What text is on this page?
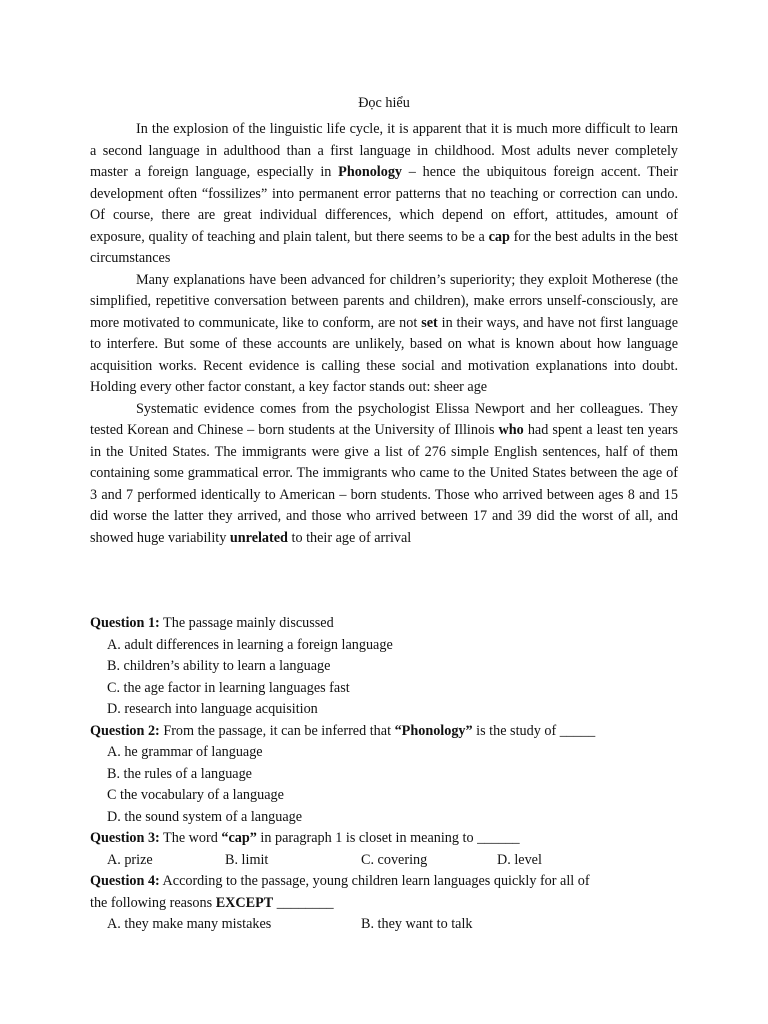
Đọc hiểu

In the explosion of the linguistic life cycle, it is apparent that it is much more difficult to learn a second language in adulthood than a first language in childhood. Most adults never completely master a foreign language, especially in Phonology – hence the ubiquitous foreign accent. Their development often “fossilizes” into permanent error patterns that no teaching or correction can undo. Of course, there are great individual differences, which depend on effort, attitudes, amount of exposure, quality of teaching and plain talent, but there seems to be a cap for the best adults in the best circumstances

Many explanations have been advanced for children’s superiority; they exploit Motherese (the simplified, repetitive conversation between parents and children), make errors unself-consciously, are more motivated to communicate, like to conform, are not set in their ways, and have not first language to interfere. But some of these accounts are unlikely, based on what is known about how language acquisition works. Recent evidence is calling these social and motivation explanations into doubt. Holding every other factor constant, a key factor stands out: sheer age

Systematic evidence comes from the psychologist Elissa Newport and her colleagues. They tested Korean and Chinese – born students at the University of Illinois who had spent a least ten years in the United States. The immigrants were give a list of 276 simple English sentences, half of them containing some grammatical error. The immigrants who came to the United States between the age of 3 and 7 performed identically to American – born students. Those who arrived between ages 8 and 15 did worse the latter they arrived, and those who arrived between 17 and 39 did the worst of all, and showed huge variability unrelated to their age of arrival

Question 1: The passage mainly discussed

A. adult differences in learning a foreign language

B. children’s ability to learn a language

C. the age factor in learning languages fast

D. research into language acquisition

Question 2: From the passage, it can be inferred that “Phonology” is the study of _____

A. he grammar of language

B. the rules of a language

C the vocabulary of a language

D. the sound system of a language

Question 3: The word “cap” in paragraph 1 is closet in meaning to ______

A. prize	B. limit	C. covering	D. level

Question 4: According to the passage, young children learn languages quickly for all of
the following reasons EXCEPT ________

A. they make many mistakes	B. they want to talk
